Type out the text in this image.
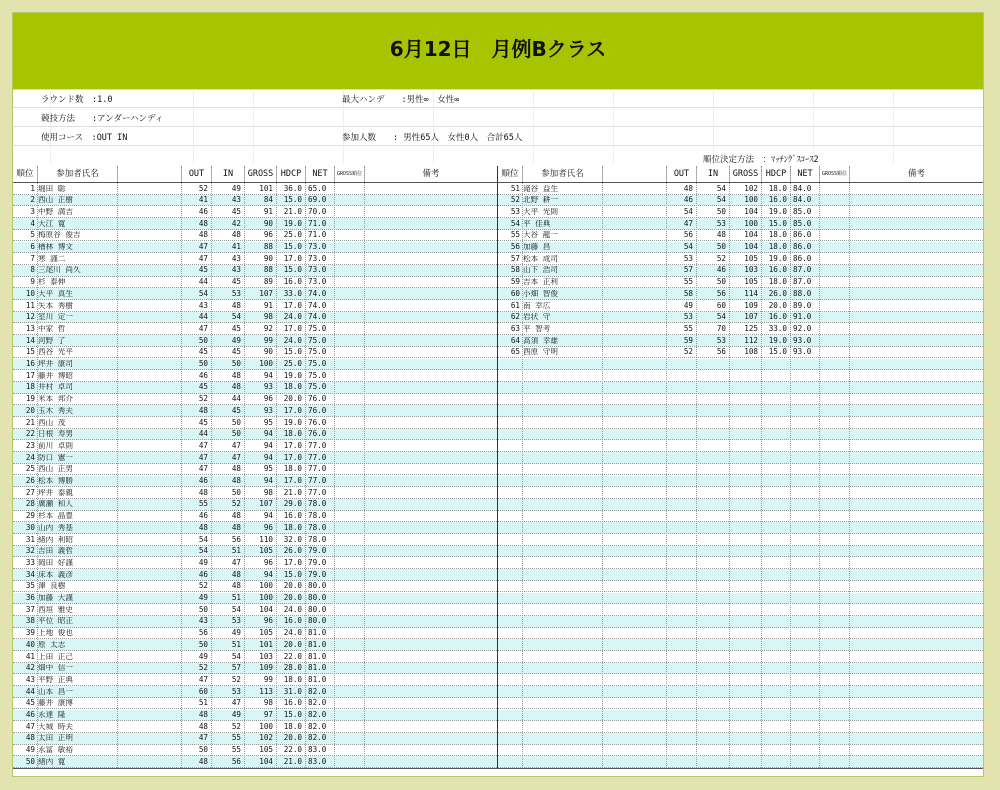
6月12日　月例Bクラス
ラウンド数　:1.0
競技方法　　:アンダーハンディ
使用コース　:OUT IN
最大ハンデ　　:男性∞　女性∞
参加人数　　: 男性65人　女性0人　合計65人
順位決定方法　：ﾏｯﾁﾝｸﾞｽｺｰｽ2
順位	参加者氏名	OUT	IN	GROSS HDCP	NET	GROSS順位	備考	順位	参加者氏名	OUT	IN	GROSS HDCP	NET	GROSS順位	備考
1 堀田 聡	52	49	101	36.0 65.0
2 西山 正樹	41	43	84	15.0 69.0
3 中野 満吉	46	45	91	21.0 70.0
4 大江 寛	48	42	90	19.0 71.0
5 梅原谷 俊吉	48	48	96	25.0 71.0
6 楢林 博文	47	41	88	15.0 73.0
7 寒 謹二	47	43	90	17.0 73.0
8 三尾川 尚久	45	43	88	15.0 73.0
9 杉 泰伸	44	45	89	16.0 73.0
10 大平 真生	54	53	107	33.0 74.0
11 矢本 秀樹	43	48	91	17.0 74.0
12 室川 定一	44	54	98	24.0 74.0
13 中家 哲	47	45	92	17.0 75.0
14 河野 了	50	49	99	24.0 75.0
15 西谷 光平	45	45	90	15.0 75.0
16 坪井 康司	50	50	100	25.0 75.0
17 藤井 博昭	46	48	94	19.0 75.0
18 井村 卓司	45	48	93	18.0 75.0
19 米本 邦介	52	44	96	20.0 76.0
20 玉木 秀夫	48	45	93	17.0 76.0
21 西山 茂	45	50	95	19.0 76.0
22 日根 寿男	44	50	94	18.0 76.0
23 前川 卓則	47	47	94	17.0 77.0
24 防口 憲一	47	47	94	17.0 77.0
25 西山 正男	47	48	95	18.0 77.0
26 松本 博勝	46	48	94	17.0 77.0
27 坪井 泰親	48	50	98	21.0 77.0
28 廣瀬 和人	55	52	107	29.0 78.0
29 杉本 晶豊	46	48	94	16.0 78.0
30 山内 秀基	48	48	96	18.0 78.0
31 緒内 利昭	54	56	110	32.0 78.0
32 吉田 義哲	54	51	105	26.0 79.0
33 岡田 好謹	49	47	96	17.0 79.0
34 床本 義彦	46	48	94	15.0 79.0
35 渾 良樹	52	48	100	20.0 80.0
36 加藤 大謹	49	51	100	20.0 80.0
37 西垣 雅史	50	54	104	24.0 80.0
38 平位 昭正	43	53	96	16.0 80.0
39 上地 俊也	56	49	105	24.0 81.0
40 原 太志	50	51	101	20.0 81.0
41 上田 正己	49	54	103	22.0 81.0
42 畑中 信一	52	57	109	28.0 81.0
43 平野 正典	47	52	99	18.0 81.0
44 山本 昌一	60	53	113	31.0 82.0
45 藤井 康博	51	47	98	16.0 82.0
46 永達 隆	48	49	97	15.0 82.0
47 大城 時夫	48	52	100	18.0 82.0
48 太田 正明	47	55	102	20.0 82.0
49 永冨 敏裕	50	55	105	22.0 83.0
50 緒内 寛	48	56	104	21.0 83.0
51 滝谷 益生	48	54	102	18.0 84.0
52 北野 耕一	46	54	100	16.0 84.0
53 大平 光則	54	50	104	19.0 85.0
54 平 佳典	47	53	100	15.0 85.0
55 大谷 龍一	56	48	104	18.0 86.0
56 加藤 昌	54	50	104	18.0 86.0
57 松本 成司	53	52	105	19.0 86.0
58 山下 浩司	57	46	103	16.0 87.0
59 吉本 正利	55	50	105	18.0 87.0
60 小畑 智俊	58	56	114	26.0 88.0
61 南 幸広	49	60	109	20.0 89.0
62 岩状 守	53	54	107	16.0 91.0
63 平 智考	55	70	125	33.0 92.0
64 高須 幸雄	59	53	112	19.0 93.0
65 酉原 守明	52	56	108	15.0 93.0
